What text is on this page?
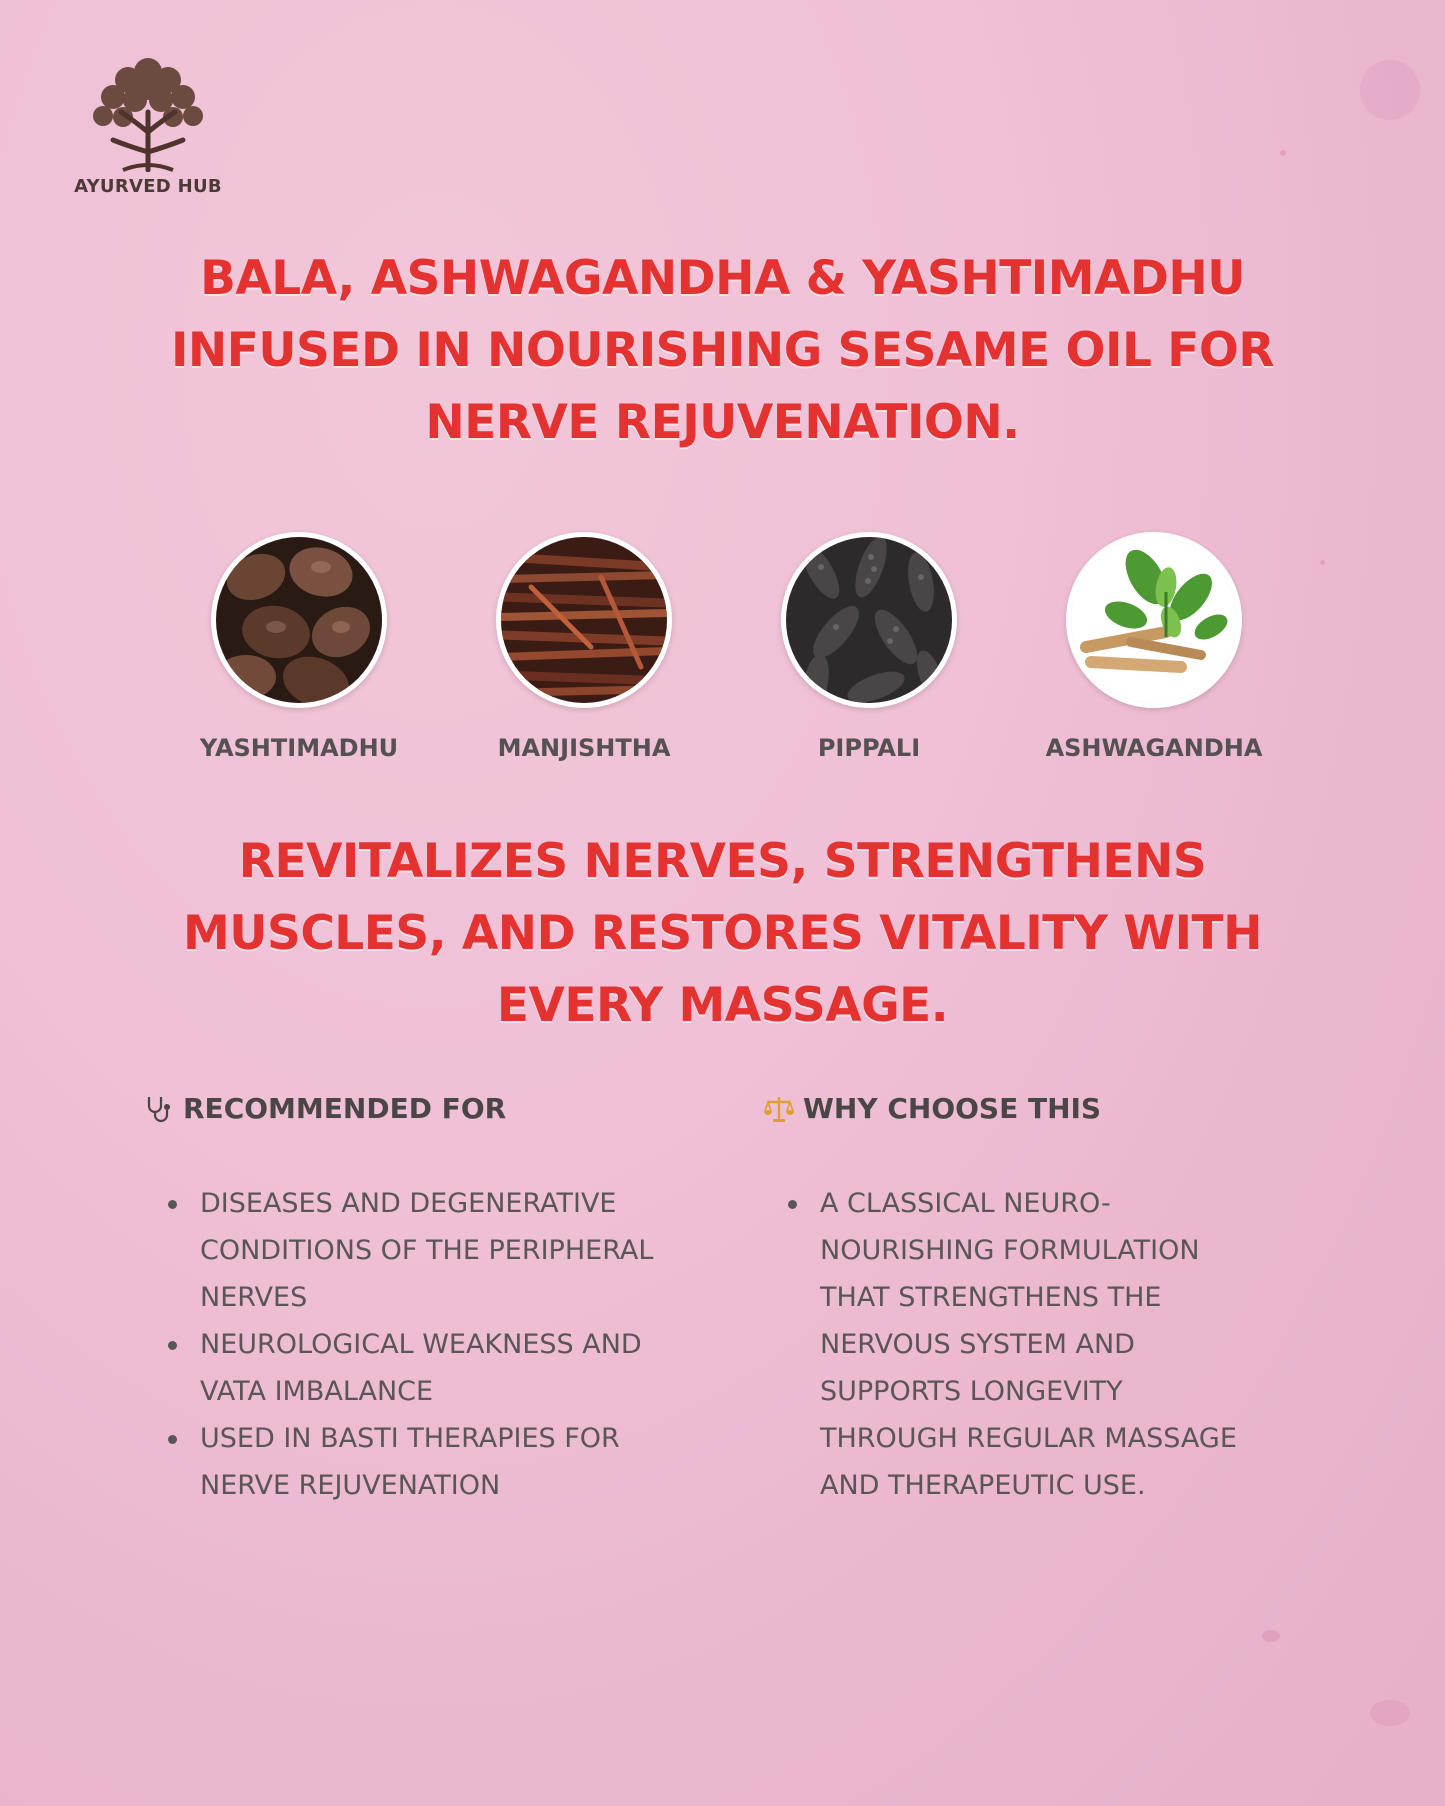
AYURVED HUB
BALA, ASHWAGANDHA & YASHTIMADHU
INFUSED IN NOURISHING SESAME OIL FOR
NERVE REJUVENATION.
YASHTIMADHU	MANJISHTHA	PIPPALI	ASHWAGANDHA
REVITALIZES NERVES, STRENGTHENS
MUSCLES, AND RESTORES VITALITY WITH
EVERY MASSAGE.
RECOMMENDED FOR
DISEASES AND DEGENERATIVE
CONDITIONS OF THE PERIPHERAL
NERVES
NEUROLOGICAL WEAKNESS AND
VATA IMBALANCE
USED IN BASTI THERAPIES FOR
NERVE REJUVENATION
WHY CHOOSE THIS
A CLASSICAL NEURO-
NOURISHING FORMULATION
THAT STRENGTHENS THE
NERVOUS SYSTEM AND
SUPPORTS LONGEVITY
THROUGH REGULAR MASSAGE
AND THERAPEUTIC USE.
